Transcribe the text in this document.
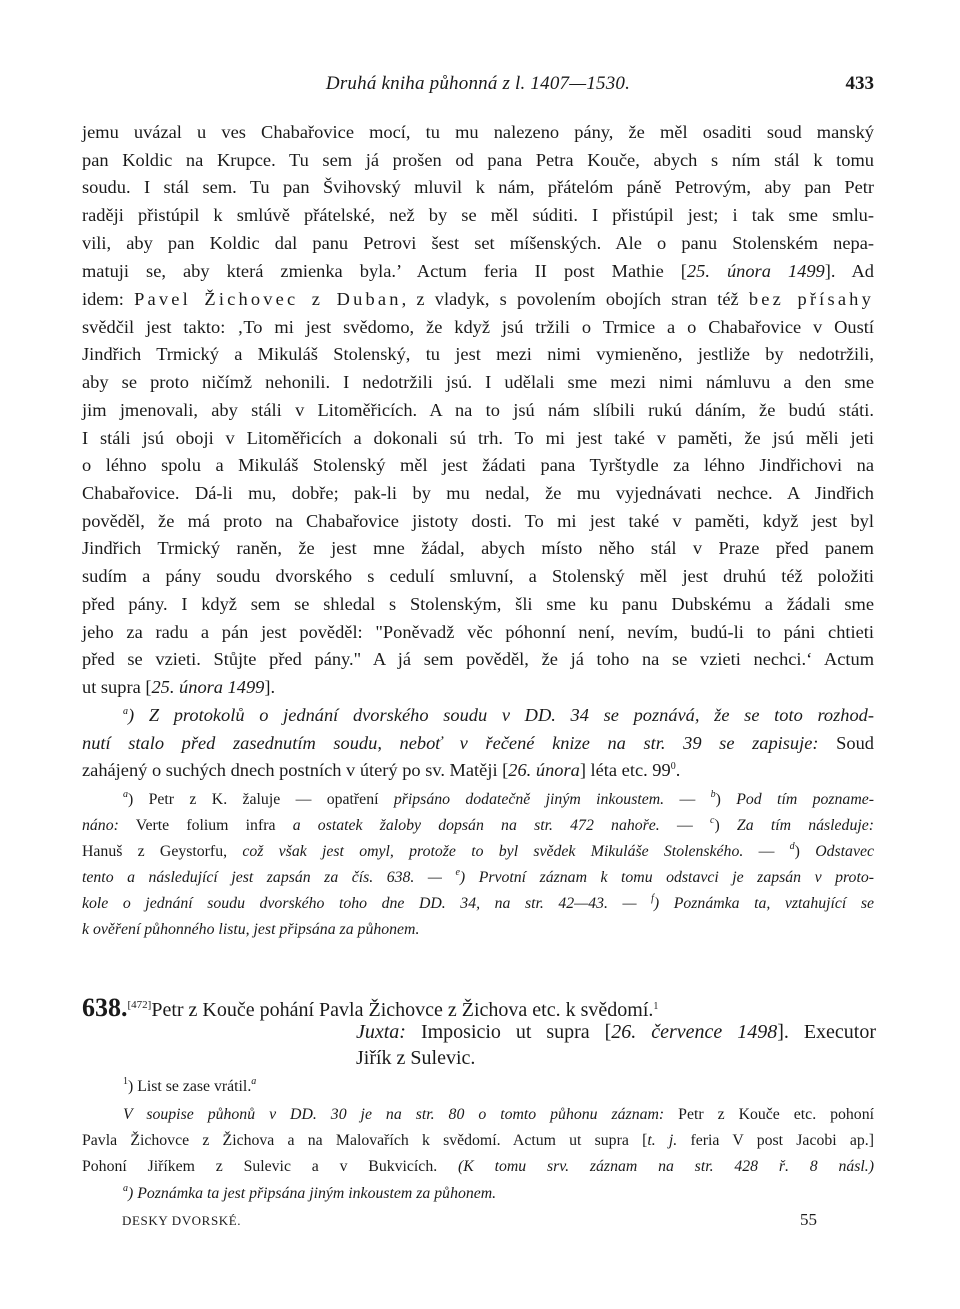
Druhá kniha půhonná z l. 1407—1530.	433
jemu uvázal u ves Chabařovice mocí, tu mu nalezeno pány, že měl osaditi soud manský
pan Koldic na Krupce. Tu sem já prošen od pana Petra Kouče, abych s ním stál k tomu
soudu. I stál sem. Tu pan Švihovský mluvil k nám, přátelóm páně Petrovým, aby pan Petr
raději přistúpil k smlúvě přátelské, než by se měl súditi. I přistúpil jest; i tak sme smlu-
vili, aby pan Koldic dal panu Petrovi šest set míšenských. Ale o panu Stolenském nepa-
matuji se, aby která zmienka byla.’ Actum feria II post Mathie [25. února 1499]. Ad
idem: Pavel Žichovec z Duban, z vladyk, s povolením obojích stran též bez přísahy
svědčil jest takto: ‚To mi jest svědomo, že když jsú tržili o Trmice a o Chabařovice v Oustí
Jindřich Trmický a Mikuláš Stolenský, tu jest mezi nimi vymieněno, jestliže by nedotržili,
aby se proto ničímž nehonili. I nedotržili jsú. I udělali sme mezi nimi námluvu a den sme
jim jmenovali, aby stáli v Litoměřicích. A na to jsú nám slíbili rukú dáním, že budú státi.
I stáli jsú oboji v Litoměřicích a dokonali sú trh. To mi jest také v paměti, že jsú měli jeti
o léhno spolu a Mikuláš Stolenský měl jest žádati pana Tyrštydle za léhno Jindřichovi na
Chabařovice. Dá-li mu, dobře; pak-li by mu nedal, že mu vyjednávati nechce. A Jindřich
pověděl, že má proto na Chabařovice jistoty dosti. To mi jest také v paměti, když jest byl
Jindřich Trmický raněn, že jest mne žádal, abych místo něho stál v Praze před panem
sudím a pány soudu dvorského s cedulí smluvní, a Stolenský měl jest druhú též položiti
před pány. I když sem se shledal s Stolenským, šli sme ku panu Dubskému a žádali sme
jeho za radu a pán jest pověděl: "Poněvadž věc póhonní není, nevím, budú-li to páni chtieti
před se vzieti. Stůjte před pány." A já sem pověděl, že já toho na se vzieti nechci.‘ Actum
ut supra [25. února 1499].
$^a$) Z protokolů o jednání dvorského soudu v DD. 34 se poznává, že se toto rozhod-
nutí stalo před zasednutím soudu, neboť v řečené knize na str. 39 se zapisuje: Soud
zahájený o suchých dnech postních v úterý po sv. Matěji [26. února] léta etc. $99^0$.
$^a$) Petr z K. žaluje — opatření připsáno dodatečně jiným inkoustem. — $^b$) Pod tím poznamе-
náno: Verte folium infra a ostatek žaloby dopsán na str. 472 nahoře. — $^c$) Za tím následuje:
Hanuš z Geystorfu, což však jest omyl, protože to byl svědek Mikuláše Stolenského. — $^d$) Odstavec
tento a následující jest zapsán za čís. 638. — $^e$) Prvotní záznam k tomu odstavci je zapsán v proto-
kole o jednání soudu dvorského toho dne DD. 34, na str. 42—43. — $^f$) Poznámka ta, vztahující se
k ověření půhonného listu, jest připsána za půhonem.
638.[472]Petr z Kouče pohání Pavla Žichovce z Žichova etc. k svědomí.$^1$
Juxta: Imposicio ut supra [26. července 1498]. Executor
Jiřík z Sulevic.
$^1$) List se zase vrátil.$^a$
V soupise půhonů v DD. 30 je na str. 80 o tomto půhonu záznam: Petr z Kouče etc. pohoní
Pavla Žichovce z Žichova a na Malovařích k svědomí. Actum ut supra [t. j. feria V post Jacobi ap.]
Pohoní Jiříkem z Sulevic a v Bukvicích. (K tomu srv. záznam na str. 428 ř. 8 násl.)
$^a$) Poznámka ta jest připsána jiným inkoustem za půhonem.
DESKY DVORSKÉ.	55
